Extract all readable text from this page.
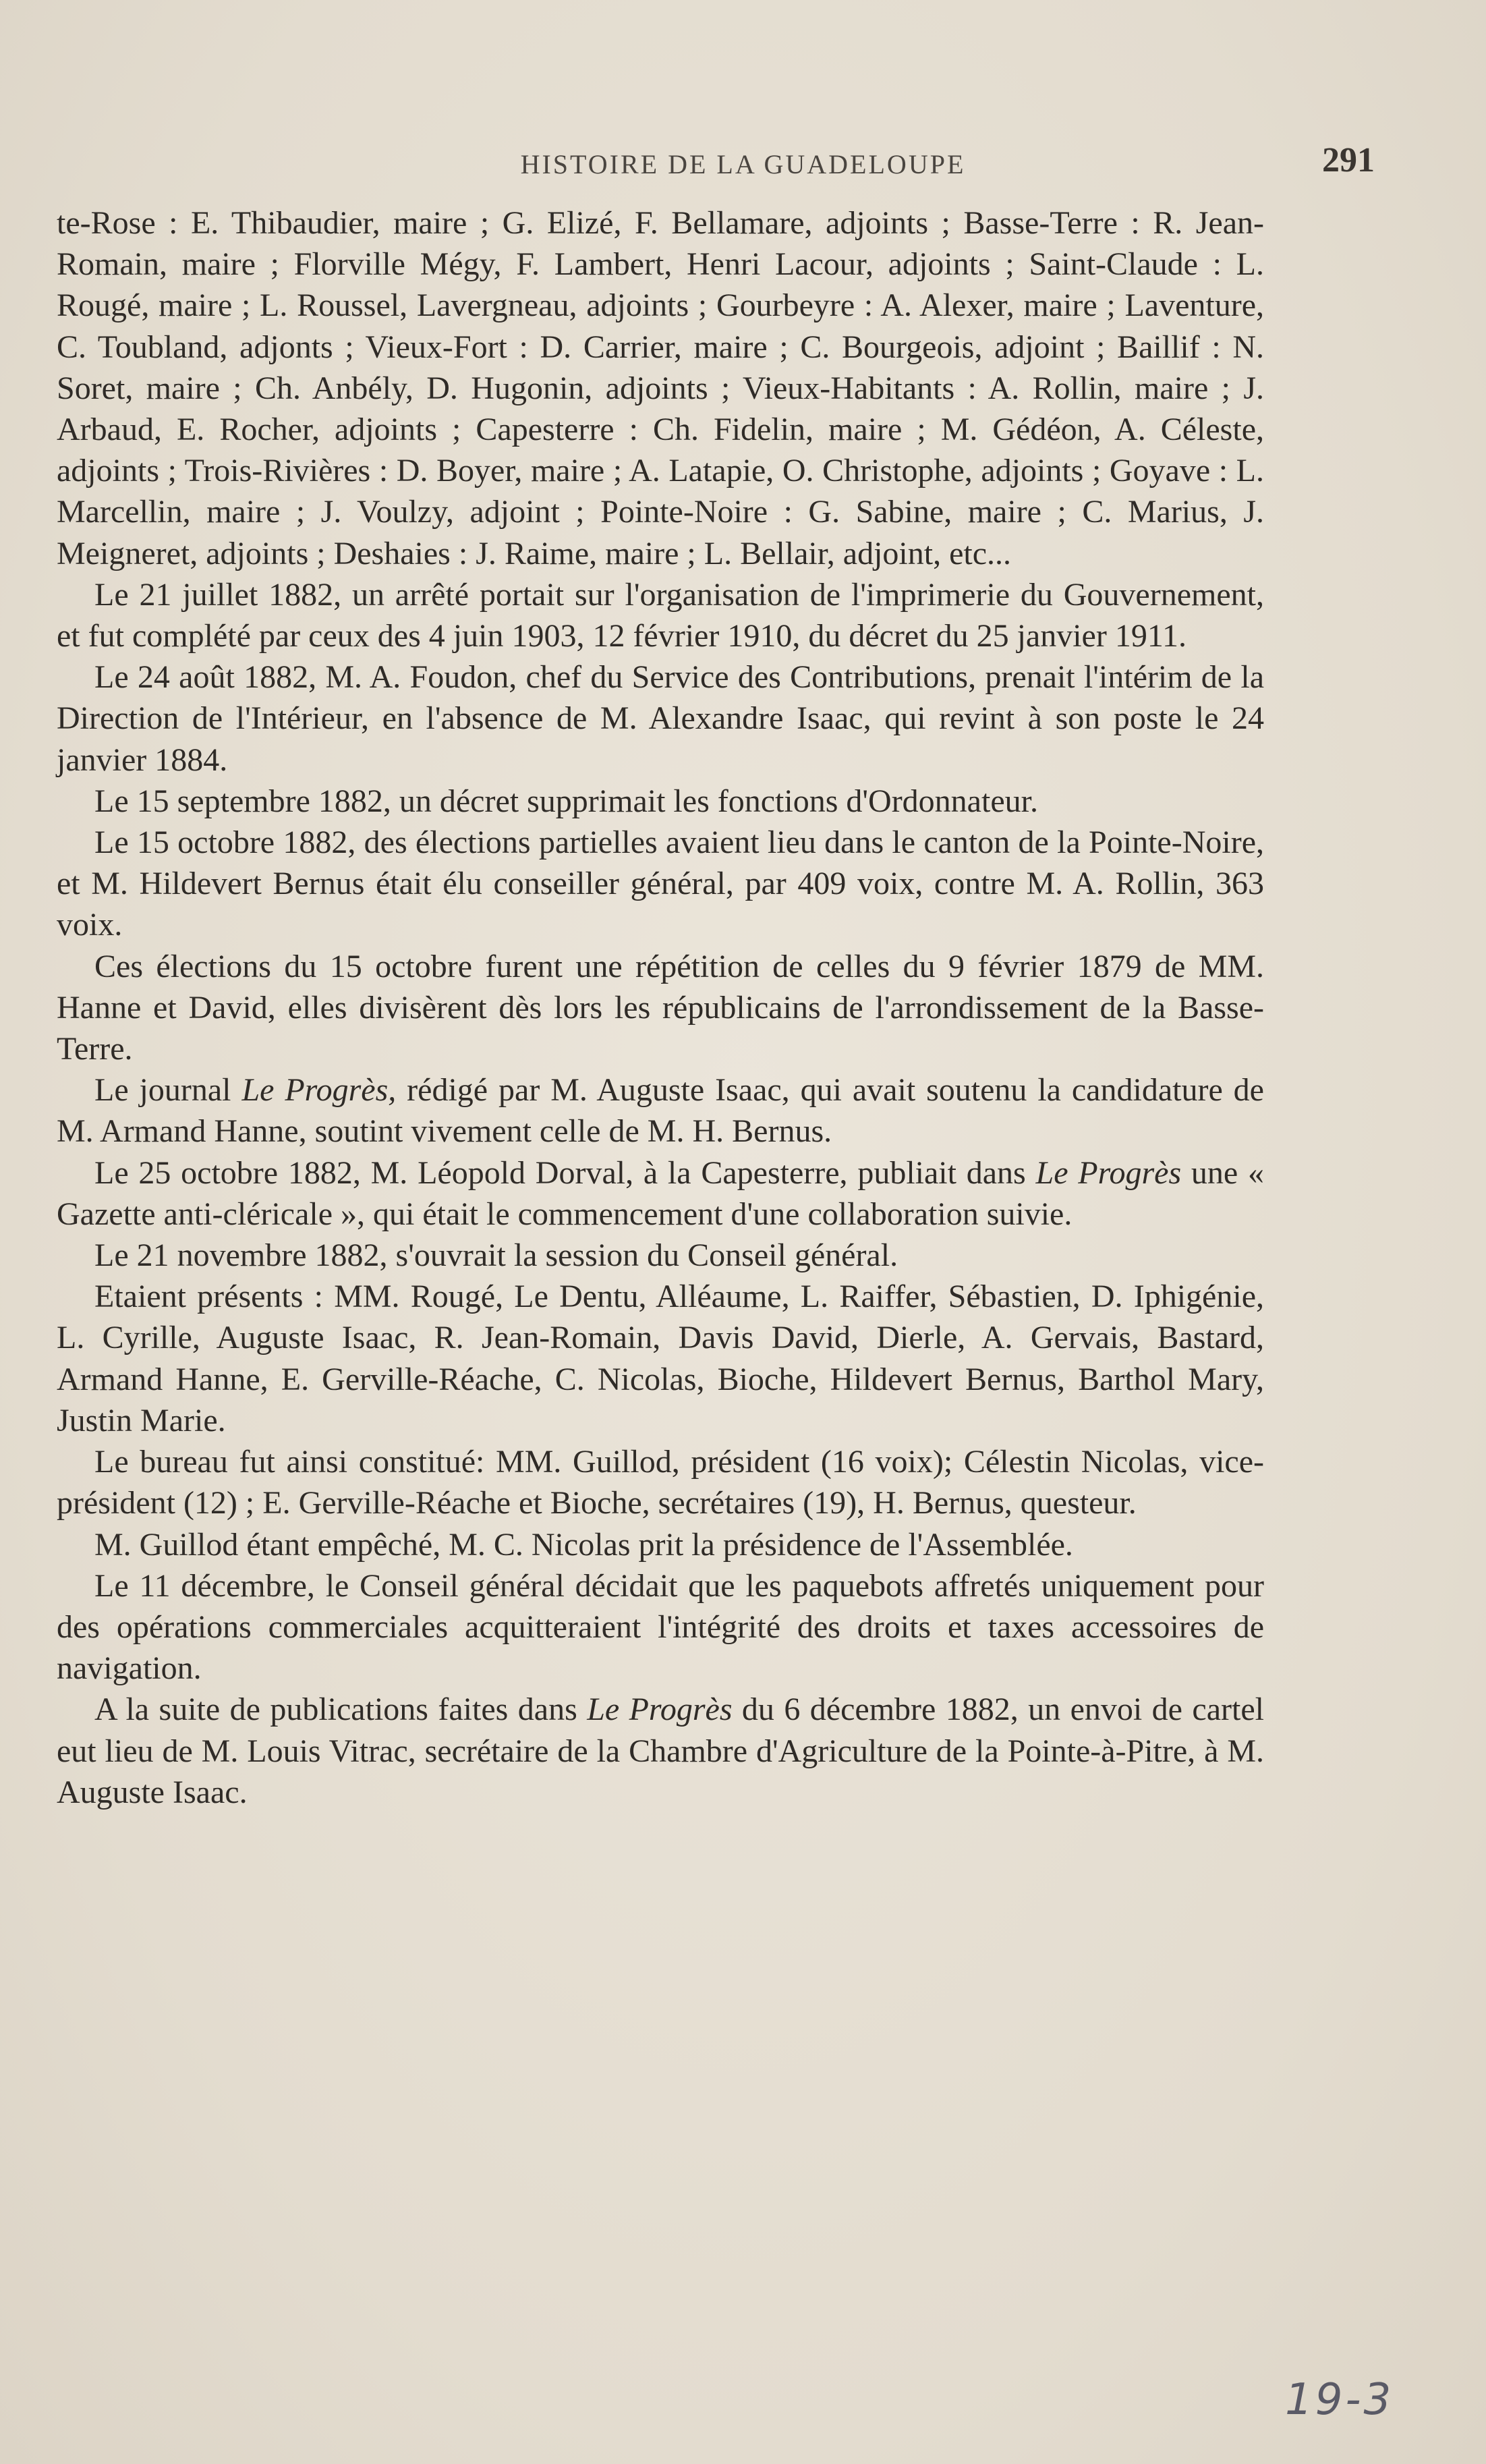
HISTOIRE DE LA GUADELOUPE	291

te-Rose : E. Thibaudier, maire ; G. Elizé, F. Bellamare, adjoints ; Basse-Terre : R. Jean-Romain, maire ; Florville Mégy, F. Lambert, Henri Lacour, adjoints ; Saint-Claude : L. Rougé, maire ; L. Roussel, Lavergneau, adjoints ; Gourbeyre : A. Alexer, maire ; Laventure, C. Toubland, adjonts ; Vieux-Fort : D. Carrier, maire ; C. Bourgeois, adjoint ; Baillif : N. Soret, maire ; Ch. Anbély, D. Hugonin, adjoints ; Vieux-Habitants : A. Rollin, maire ; J. Arbaud, E. Rocher, adjoints ; Capesterre : Ch. Fidelin, maire ; M. Gédéon, A. Céleste, adjoints ; Trois-Rivières : D. Boyer, maire ; A. Latapie, O. Christophe, adjoints ; Goyave : L. Marcellin, maire ; J. Voulzy, adjoint ; Pointe-Noire : G. Sabine, maire ; C. Marius, J. Meigneret, adjoints ; Deshaies : J. Raime, maire ; L. Bellair, adjoint, etc...

Le 21 juillet 1882, un arrêté portait sur l'organisation de l'imprimerie du Gouvernement, et fut complété par ceux des 4 juin 1903, 12 février 1910, du décret du 25 janvier 1911.

Le 24 août 1882, M. A. Foudon, chef du Service des Contributions, prenait l'intérim de la Direction de l'Intérieur, en l'absence de M. Alexandre Isaac, qui revint à son poste le 24 janvier 1884.

Le 15 septembre 1882, un décret supprimait les fonctions d'Ordonnateur.

Le 15 octobre 1882, des élections partielles avaient lieu dans le canton de la Pointe-Noire, et M. Hildevert Bernus était élu conseiller général, par 409 voix, contre M. A. Rollin, 363 voix.

Ces élections du 15 octobre furent une répétition de celles du 9 février 1879 de MM. Hanne et David, elles divisèrent dès lors les républicains de l'arrondissement de la Basse-Terre.

Le journal Le Progrès, rédigé par M. Auguste Isaac, qui avait soutenu la candidature de M. Armand Hanne, soutint vivement celle de M. H. Bernus.

Le 25 octobre 1882, M. Léopold Dorval, à la Capesterre, publiait dans Le Progrès une « Gazette anti-cléricale », qui était le commencement d'une collaboration suivie.

Le 21 novembre 1882, s'ouvrait la session du Conseil général.

Etaient présents : MM. Rougé, Le Dentu, Alléaume, L. Raiffer, Sébastien, D. Iphigénie, L. Cyrille, Auguste Isaac, R. Jean-Romain, Davis David, Dierle, A. Gervais, Bastard, Armand Hanne, E. Gerville-Réache, C. Nicolas, Bioche, Hildevert Bernus, Barthol Mary, Justin Marie.

Le bureau fut ainsi constitué: MM. Guillod, président (16 voix); Célestin Nicolas, vice-président (12) ; E. Gerville-Réache et Bioche, secrétaires (19), H. Bernus, questeur.

M. Guillod étant empêché, M. C. Nicolas prit la présidence de l'Assemblée.

Le 11 décembre, le Conseil général décidait que les paquebots affretés uniquement pour des opérations commerciales acquitteraient l'intégrité des droits et taxes accessoires de navigation.

A la suite de publications faites dans Le Progrès du 6 décembre 1882, un envoi de cartel eut lieu de M. Louis Vitrac, secrétaire de la Chambre d'Agriculture de la Pointe-à-Pitre, à M. Auguste Isaac.

19-3
